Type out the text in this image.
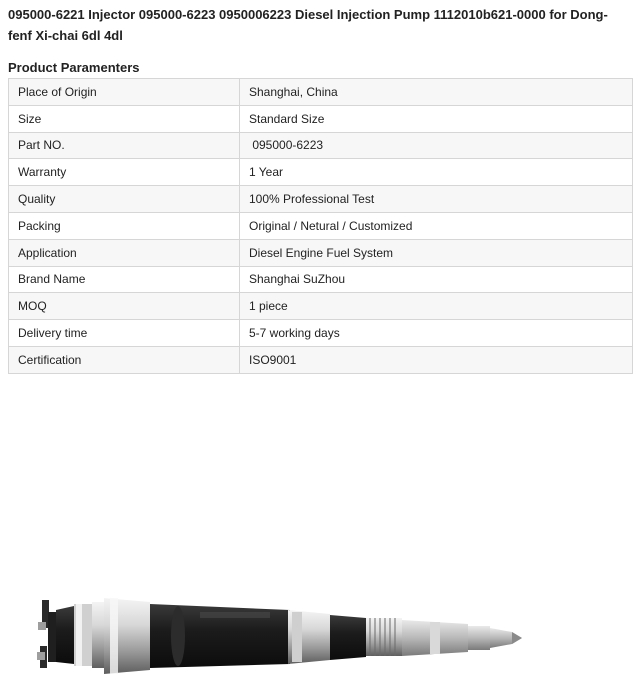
095000-6221 Injector 095000-6223 0950006223 Diesel Injection Pump 1112010b621-0000 for Dong-fenf Xi-chai 6dl 4dl
Product Paramenters
Place of Origin	Shanghai, China
Size	Standard Size
Part NO.	095000-6223
Warranty	1 Year
Quality	100% Professional Test
Packing	Original / Netural / Customized
Application	Diesel Engine Fuel System
Brand Name	Shanghai SuZhou
MOQ	1 piece
Delivery time	5-7 working days
Certification	ISO9001
